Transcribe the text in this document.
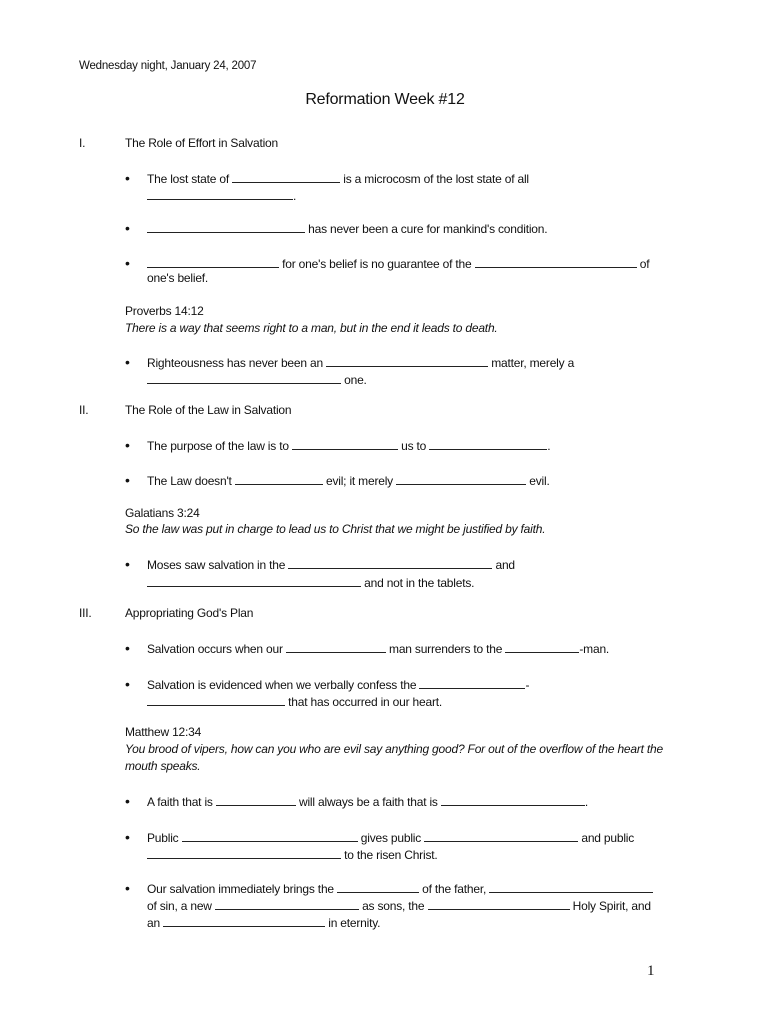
Wednesday night, January 24, 2007
Reformation Week #12
I.	The Role of Effort in Salvation
• The lost state of	is a microcosm of the lost state of all
.
•	has never been a cure for mankind's condition.
•	for one's belief is no guarantee of the	of
one's belief.
Proverbs 14:12
There is a way that seems right to a man, but in the end it leads to death.
• Righteousness has never been an	matter, merely a
one.
II.	The Role of the Law in Salvation
• The purpose of the law is to	us to	.
• The Law doesn't	evil; it merely	evil.
Galatians 3:24
So the law was put in charge to lead us to Christ that we might be justified by faith.
• Moses saw salvation in the	and
and not in the tablets.
III.	Appropriating God's Plan
• Salvation occurs when our	man surrenders to the	-man.
• Salvation is evidenced when we verbally confess the	-
that has occurred in our heart.
Matthew 12:34
You brood of vipers, how can you who are evil say anything good? For out of the overflow of the heart the
mouth speaks.
• A faith that is	will always be a faith that is	.
• Public	gives public	and public
to the risen Christ.
• Our salvation immediately brings the	of the father,
of sin, a new	as sons, the	Holy Spirit, and
an	in eternity.
1
